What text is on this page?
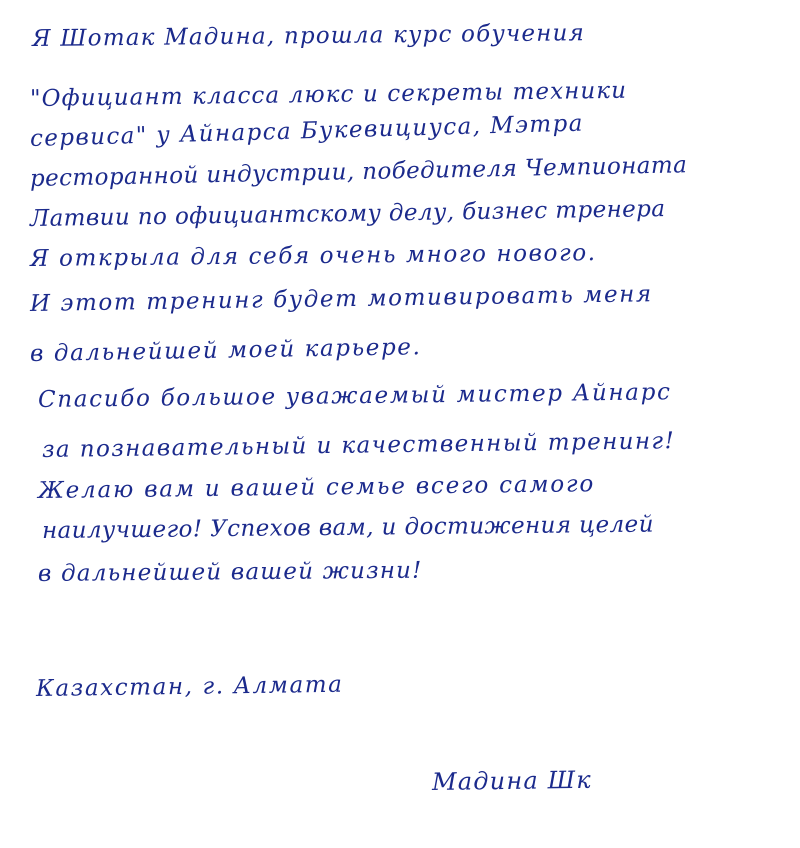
Я Шотак Мадина, прошла курс обучения
"Официант класса люкс и секреты техники
сервиса" у Айнарса Букевициуса, Мэтра
ресторанной индустрии, победителя Чемпионата
Латвии по официантскому делу, бизнес тренера
Я открыла для себя очень много нового.
И этот тренинг будет мотивировать меня
в дальнейшей моей карьере.
Спасибо большое уважаемый мистер Айнарс
за познавательный и качественный тренинг!
Желаю вам и вашей семье всего самого
наилучшего! Успехов вам, и достижения целей
в дальнейшей вашей жизни!
Казахстан, г. Алмата
Мадина Шк
